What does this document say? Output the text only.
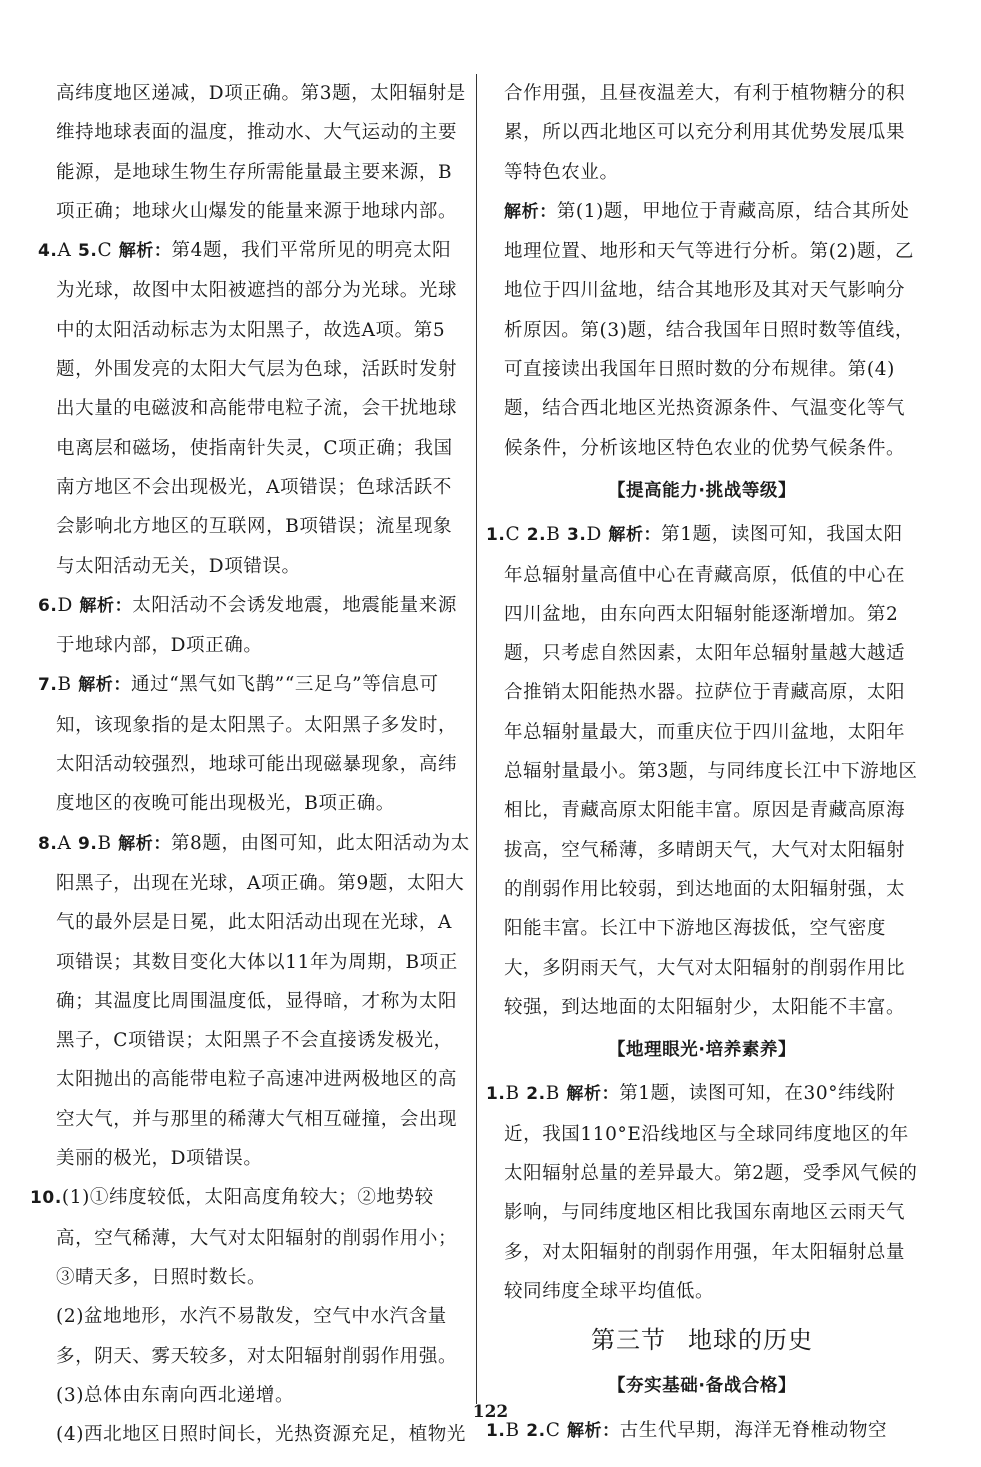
高纬度地区递减，D项正确。第3题，太阳辐射是维持地球表面的温度，推动水、大气运动的主要能源，是地球生物生存所需能量最主要来源，B项正确；地球火山爆发的能量来源于地球内部。

4.A 5.C 解析：第4题，我们平常所见的明亮太阳为光球，故图中太阳被遮挡的部分为光球。光球中的太阳活动标志为太阳黑子，故选A项。第5题，外围发亮的太阳大气层为色球，活跃时发射出大量的电磁波和高能带电粒子流，会干扰地球电离层和磁场，使指南针失灵，C项正确；我国南方地区不会出现极光，A项错误；色球活跃不会影响北方地区的互联网，B项错误；流星现象与太阳活动无关，D项错误。

6.D 解析：太阳活动不会诱发地震，地震能量来源于地球内部，D项正确。

7.B 解析：通过“黑气如飞鹊”“三足乌”等信息可知，该现象指的是太阳黑子。太阳黑子多发时，太阳活动较强烈，地球可能出现磁暴现象，高纬度地区的夜晚可能出现极光，B项正确。

8.A 9.B 解析：第8题，由图可知，此太阳活动为太阳黑子，出现在光球，A项正确。第9题，太阳大气的最外层是日冕，此太阳活动出现在光球，A项错误；其数目变化大体以11年为周期，B项正确；其温度比周围温度低，显得暗，才称为太阳黑子，C项错误；太阳黑子不会直接诱发极光，太阳抛出的高能带电粒子高速冲进两极地区的高空大气，并与那里的稀薄大气相互碰撞，会出现美丽的极光，D项错误。

10.(1)①纬度较低，太阳高度角较大；②地势较高，空气稀薄，大气对太阳辐射的削弱作用小；③晴天多，日照时数长。

(2)盆地地形，水汽不易散发，空气中水汽含量多，阴天、雾天较多，对太阳辐射削弱作用强。

(3)总体由东南向西北递增。

(4)西北地区日照时间长，光热资源充足，植物光

合作用强，且昼夜温差大，有利于植物糖分的积累，所以西北地区可以充分利用其优势发展瓜果等特色农业。

解析：第(1)题，甲地位于青藏高原，结合其所处地理位置、地形和天气等进行分析。第(2)题，乙地位于四川盆地，结合其地形及其对天气影响分析原因。第(3)题，结合我国年日照时数等值线，可直接读出我国年日照时数的分布规律。第(4)题，结合西北地区光热资源条件、气温变化等气候条件，分析该地区特色农业的优势气候条件。

【提高能力·挑战等级】

1.C 2.B 3.D 解析：第1题，读图可知，我国太阳年总辐射量高值中心在青藏高原，低值的中心在四川盆地，由东向西太阳辐射能逐渐增加。第2题，只考虑自然因素，太阳年总辐射量越大越适合推销太阳能热水器。拉萨位于青藏高原，太阳年总辐射量最大，而重庆位于四川盆地，太阳年总辐射量最小。第3题，与同纬度长江中下游地区相比，青藏高原太阳能丰富。原因是青藏高原海拔高，空气稀薄，多晴朗天气，大气对太阳辐射的削弱作用比较弱，到达地面的太阳辐射强，太阳能丰富。长江中下游地区海拔低，空气密度大，多阴雨天气，大气对太阳辐射的削弱作用比较强，到达地面的太阳辐射少，太阳能不丰富。

【地理眼光·培养素养】

1.B 2.B 解析：第1题，读图可知，在30°纬线附近，我国110°E沿线地区与全球同纬度地区的年太阳辐射总量的差异最大。第2题，受季风气候的影响，与同纬度地区相比我国东南地区云雨天气多，对太阳辐射的削弱作用强，年太阳辐射总量较同纬度全球平均值低。

第三节 地球的历史

【夯实基础·备战合格】

1.B 2.C 解析：古生代早期，海洋无脊椎动物空

122
